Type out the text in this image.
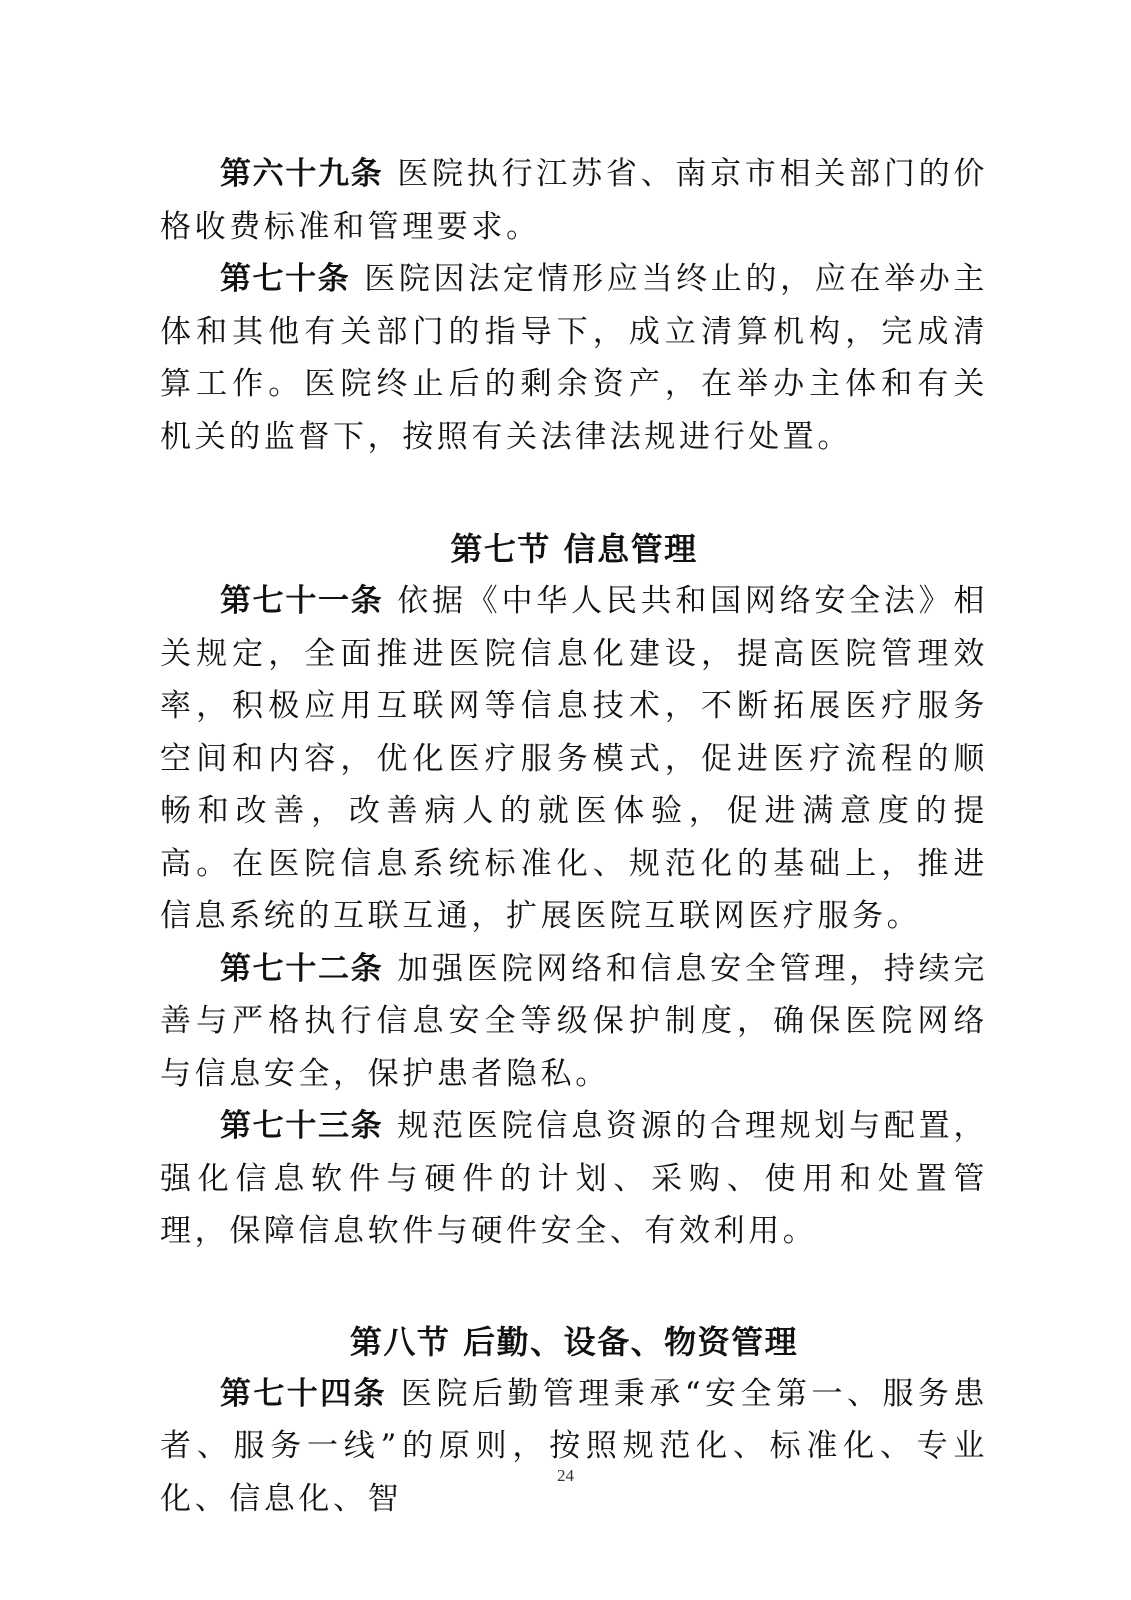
第六十九条 医院执行江苏省、南京市相关部门的价格收费标准和管理要求。

第七十条 医院因法定情形应当终止的，应在举办主体和其他有关部门的指导下，成立清算机构，完成清算工作。医院终止后的剩余资产，在举办主体和有关机关的监督下，按照有关法律法规进行处置。

第七节 信息管理

第七十一条 依据《中华人民共和国网络安全法》相关规定，全面推进医院信息化建设，提高医院管理效率，积极应用互联网等信息技术，不断拓展医疗服务空间和内容，优化医疗服务模式，促进医疗流程的顺畅和改善，改善病人的就医体验，促进满意度的提高。在医院信息系统标准化、规范化的基础上，推进信息系统的互联互通，扩展医院互联网医疗服务。

第七十二条 加强医院网络和信息安全管理，持续完善与严格执行信息安全等级保护制度，确保医院网络与信息安全，保护患者隐私。

第七十三条 规范医院信息资源的合理规划与配置，强化信息软件与硬件的计划、采购、使用和处置管理，保障信息软件与硬件安全、有效利用。

第八节 后勤、设备、物资管理

第七十四条 医院后勤管理秉承“安全第一、服务患者、服务一线”的原则，按照规范化、标准化、专业化、信息化、智

24
